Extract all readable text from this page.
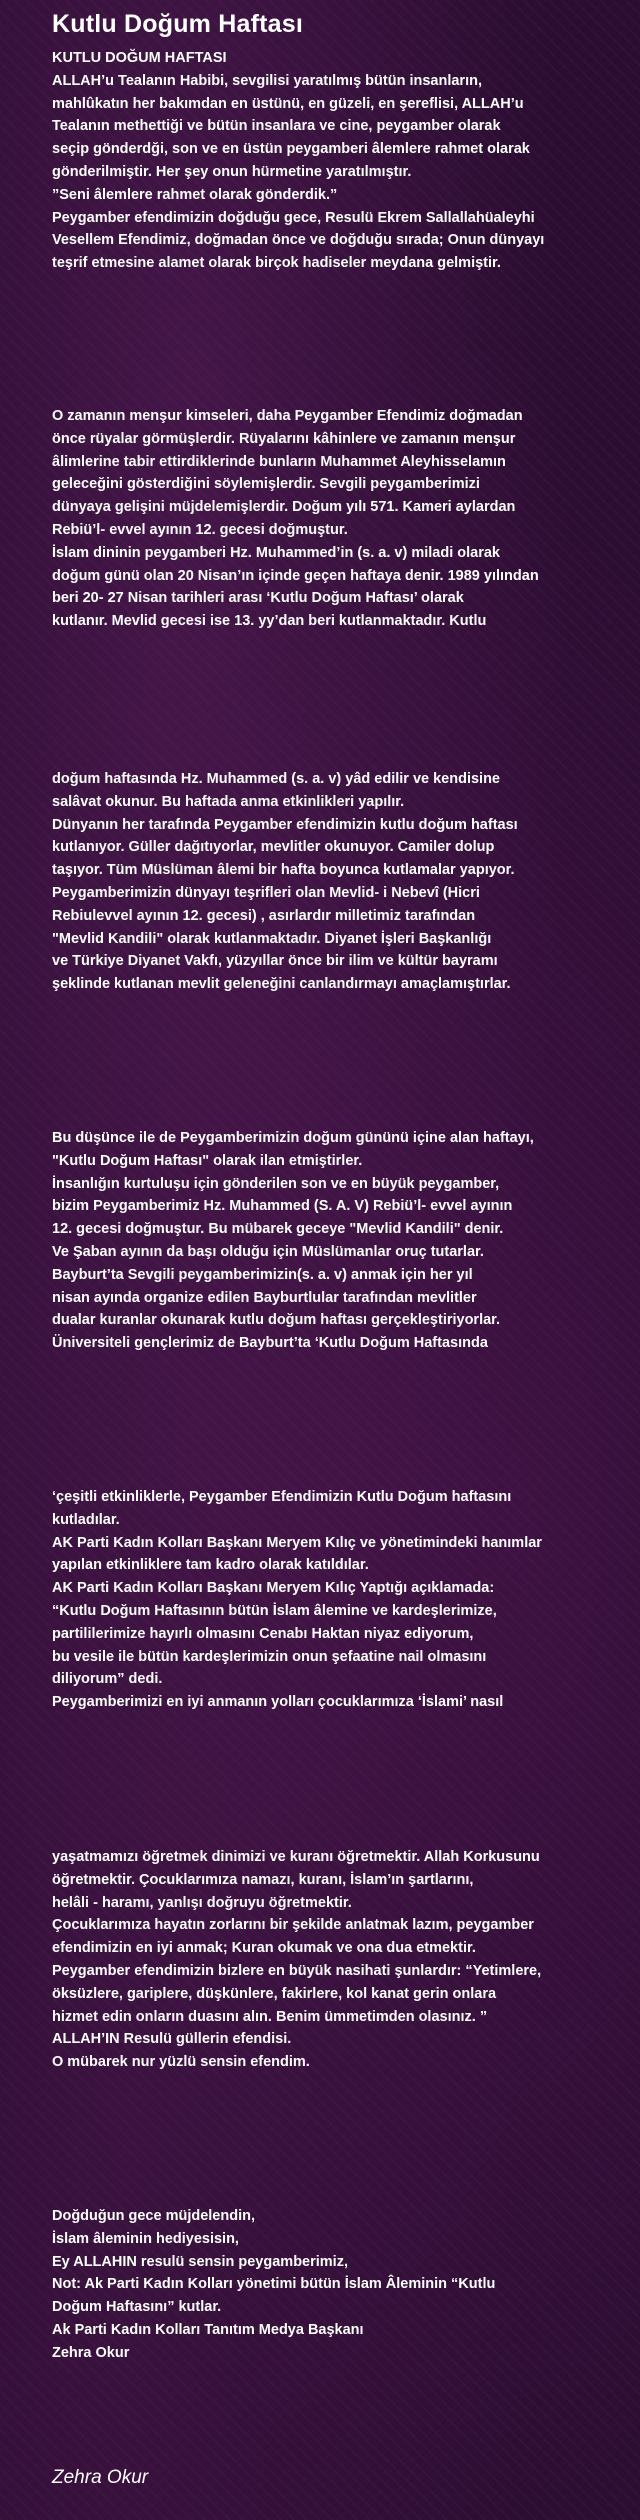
Kutlu Doğum Haftası
KUTLU DOĞUM HAFTASI
ALLAH’u Tealanın Habibi, sevgilisi yaratılmış bütün insanların,
mahlûkatın her bakımdan en üstünü, en güzeli, en şereflisi, ALLAH’u
Tealanın methettiği ve bütün insanlara ve cine, peygamber olarak
seçip gönderdği, son ve en üstün peygamberi âlemlere rahmet olarak
gönderilmiştir. Her şey onun hürmetine yaratılmıştır.
”Seni âlemlere rahmet olarak gönderdik.”
Peygamber efendimizin doğduğu gece, Resulü Ekrem Sallallahüaleyhi
Vesellem Efendimiz, doğmadan önce ve doğduğu sırada; Onun dünyayı
teşrif etmesine alamet olarak birçok hadiseler meydana gelmiştir.
O zamanın menşur kimseleri, daha Peygamber Efendimiz doğmadan
önce rüyalar görmüşlerdir. Rüyalarını kâhinlere ve zamanın menşur
âlimlerine tabir ettirdiklerinde bunların Muhammet Aleyhisselamın
geleceğini gösterdiğini söylemişlerdir. Sevgili peygamberimizi
dünyaya gelişini müjdelemişlerdir. Doğum yılı 571. Kameri aylardan
Rebiü’l- evvel ayının 12. gecesi doğmuştur.
İslam dininin peygamberi Hz. Muhammed’in (s. a. v) miladi olarak
doğum günü olan 20 Nisan’ın içinde geçen haftaya denir. 1989 yılından
beri 20- 27 Nisan tarihleri arası ‘Kutlu Doğum Haftası’ olarak
kutlanır. Mevlid gecesi ise 13. yy’dan beri kutlanmaktadır. Kutlu
doğum haftasında Hz. Muhammed (s. a. v) yâd edilir ve kendisine
salâvat okunur. Bu haftada anma etkinlikleri yapılır.
Dünyanın her tarafında Peygamber efendimizin kutlu doğum haftası
kutlanıyor. Güller dağıtıyorlar, mevlitler okunuyor. Camiler dolup
taşıyor. Tüm Müslüman âlemi bir hafta boyunca kutlamalar yapıyor.
Peygamberimizin dünyayı teşrifleri olan Mevlid- i Nebevî (Hicri
Rebiulevvel ayının 12. gecesi) , asırlardır milletimiz tarafından
"Mevlid Kandili" olarak kutlanmaktadır. Diyanet İşleri Başkanlığı
ve Türkiye Diyanet Vakfı, yüzyıllar önce bir ilim ve kültür bayramı
şeklinde kutlanan mevlit geleneğini canlandırmayı amaçlamıştırlar.
Bu düşünce ile de Peygamberimizin doğum gününü içine alan haftayı,
"Kutlu Doğum Haftası" olarak ilan etmiştirler.
İnsanlığın kurtuluşu için gönderilen son ve en büyük peygamber,
bizim Peygamberimiz Hz. Muhammed (S. A. V) Rebiü’l- evvel ayının
12. gecesi doğmuştur. Bu mübarek geceye "Mevlid Kandili" denir.
Ve Şaban ayının da başı olduğu için Müslümanlar oruç tutarlar.
Bayburt’ta Sevgili peygamberimizin(s. a. v) anmak için her yıl
nisan ayında organize edilen Bayburtlular tarafından mevlitler
dualar kuranlar okunarak kutlu doğum haftası gerçekleştiriyorlar.
Üniversiteli gençlerimiz de Bayburt’ta ‘Kutlu Doğum Haftasında
‘çeşitli etkinliklerle, Peygamber Efendimizin Kutlu Doğum haftasını
kutladılar.
AK Parti Kadın Kolları Başkanı Meryem Kılıç ve yönetimindeki hanımlar
yapılan etkinliklere tam kadro olarak katıldılar.
AK Parti Kadın Kolları Başkanı Meryem Kılıç Yaptığı açıklamada:
“Kutlu Doğum Haftasının bütün İslam âlemine ve kardeşlerimize,
partililerimize hayırlı olmasını Cenabı Haktan niyaz ediyorum,
bu vesile ile bütün kardeşlerimizin onun şefaatine nail olmasını
diliyorum” dedi.
Peygamberimizi en iyi anmanın yolları çocuklarımıza ‘İslami’ nasıl
yaşatmamızı öğretmek dinimizi ve kuranı öğretmektir. Allah Korkusunu
öğretmektir. Çocuklarımıza namazı, kuranı, İslam’ın şartlarını,
helâli - haramı, yanlışı doğruyu öğretmektir.
Çocuklarımıza hayatın zorlarını bir şekilde anlatmak lazım, peygamber
efendimizin en iyi anmak; Kuran okumak ve ona dua etmektir.
Peygamber efendimizin bizlere en büyük nasihati şunlardır: “Yetimlere,
öksüzlere, gariplere, düşkünlere, fakirlere, kol kanat gerin onlara
hizmet edin onların duasını alın. Benim ümmetimden olasınız. ”
ALLAH’IN Resulü güllerin efendisi.
O mübarek nur yüzlü sensin efendim.
Doğduğun gece müjdelendin,
İslam âleminin hediyesisin,
Ey ALLAHIN resulü sensin peygamberimiz,
Not: Ak Parti Kadın Kolları yönetimi bütün İslam Âleminin “Kutlu
Doğum Haftasını” kutlar.
Ak Parti Kadın Kolları Tanıtım Medya Başkanı
Zehra Okur

Zehra Okur
